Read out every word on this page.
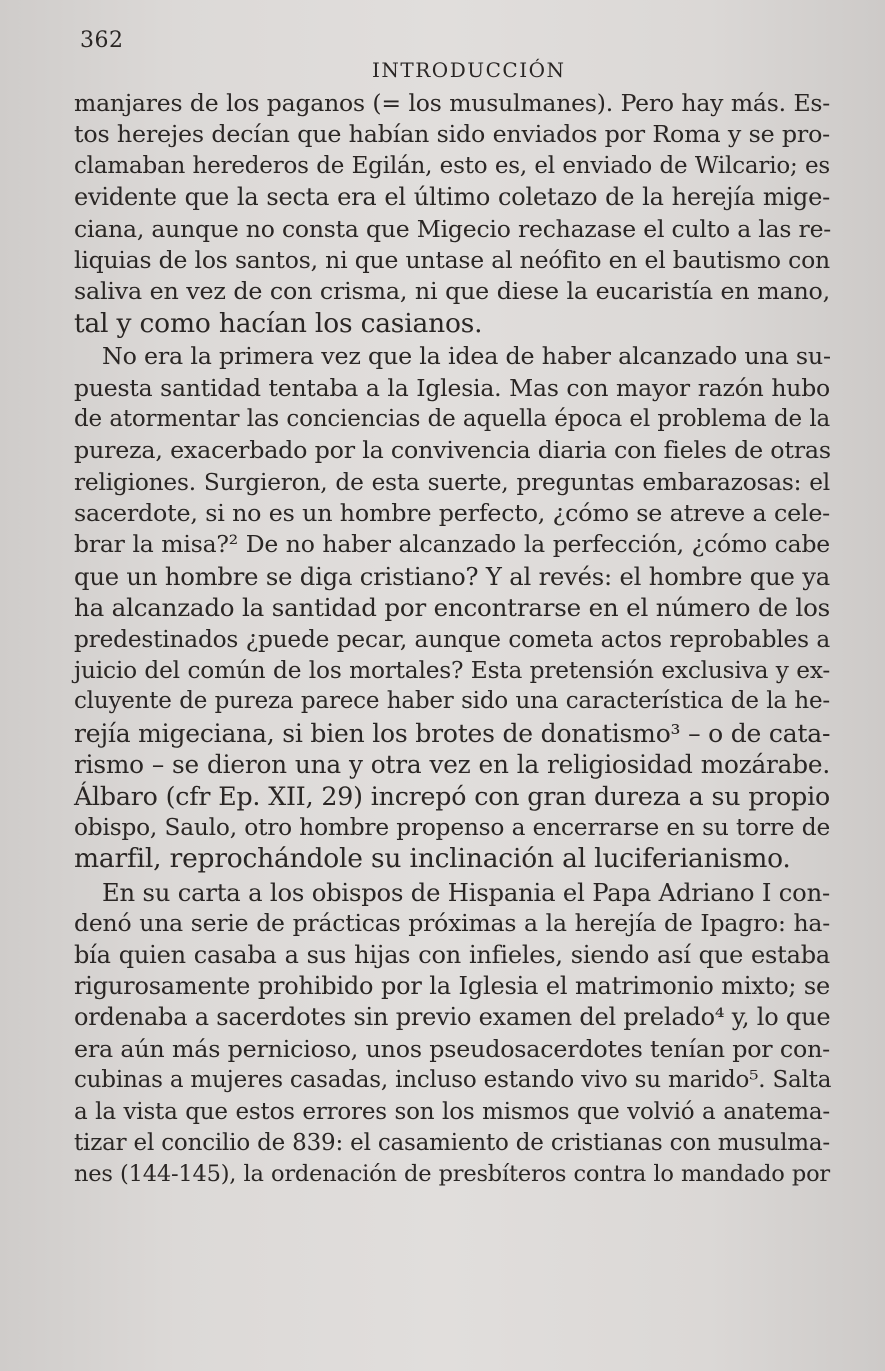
362
INTRODUCCIÓN
manjares de los paganos (= los musulmanes). Pero hay más. Es-
tos herejes decían que habían sido enviados por Roma y se pro-
clamaban herederos de Egilán, esto es, el enviado de Wilcario; es
evidente que la secta era el último coletazo de la herejía mige-
ciana, aunque no consta que Migecio rechazase el culto a las re-
liquias de los santos, ni que untase al neófito en el bautismo con
saliva en vez de con crisma, ni que diese la eucaristía en mano,
tal y como hacían los casianos.
No era la primera vez que la idea de haber alcanzado una su-
puesta santidad tentaba a la Iglesia. Mas con mayor razón hubo
de atormentar las conciencias de aquella época el problema de la
pureza, exacerbado por la convivencia diaria con fieles de otras
religiones. Surgieron, de esta suerte, preguntas embarazosas: el
sacerdote, si no es un hombre perfecto, ¿cómo se atreve a cele-
brar la misa?² De no haber alcanzado la perfección, ¿cómo cabe
que un hombre se diga cristiano? Y al revés: el hombre que ya
ha alcanzado la santidad por encontrarse en el número de los
predestinados ¿puede pecar, aunque cometa actos reprobables a
juicio del común de los mortales? Esta pretensión exclusiva y ex-
cluyente de pureza parece haber sido una característica de la he-
rejía migeciana, si bien los brotes de donatismo³ – o de cata-
rismo – se dieron una y otra vez en la religiosidad mozárabe.
Álbaro (cfr Ep. XII, 29) increpó con gran dureza a su propio
obispo, Saulo, otro hombre propenso a encerrarse en su torre de
marfil, reprochándole su inclinación al luciferianismo.
En su carta a los obispos de Hispania el Papa Adriano I con-
denó una serie de prácticas próximas a la herejía de Ipagro: ha-
bía quien casaba a sus hijas con infieles, siendo así que estaba
rigurosamente prohibido por la Iglesia el matrimonio mixto; se
ordenaba a sacerdotes sin previo examen del prelado⁴ y, lo que
era aún más pernicioso, unos pseudosacerdotes tenían por con-
cubinas a mujeres casadas, incluso estando vivo su marido⁵. Salta
a la vista que estos errores son los mismos que volvió a anatema-
tizar el concilio de 839: el casamiento de cristianas con musulma-
nes (144-145), la ordenación de presbíteros contra lo mandado por
